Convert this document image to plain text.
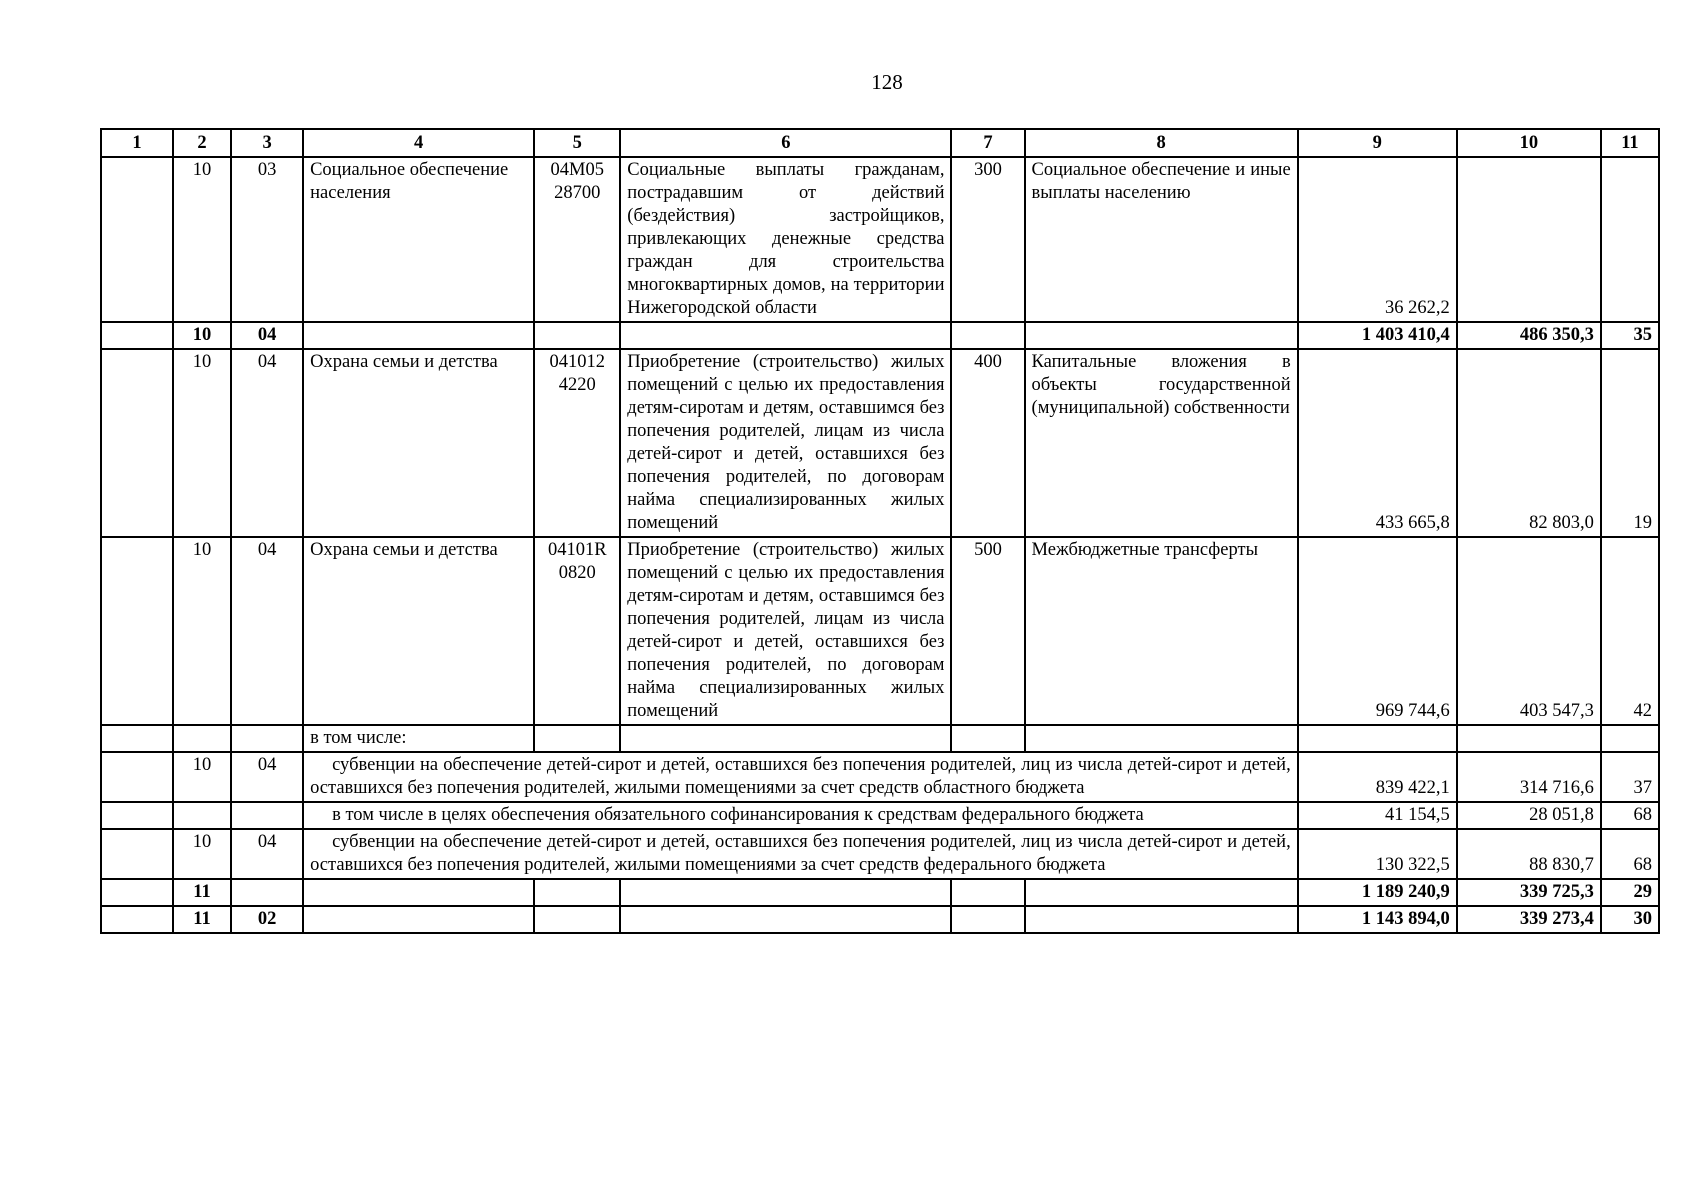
128
1	2	3	4	5	6	7	8	9	10	11
	10	03	Социальное обеспечение населения	04М05 28700	Социальные выплаты гражданам, пострадавшим от действий (бездействия) застройщиков, привлекающих денежные средства граждан для строительства многоквартирных домов, на территории Нижегородской области	300	Социальное обеспечение и иные выплаты населению	36 262,2		
	10	04						1 403 410,4	486 350,3	35
	10	04	Охрана семьи и детства	041012 4220	Приобретение (строительство) жилых помещений с целью их предоставления детям-сиротам и детям, оставшимся без попечения родителей, лицам из числа детей-сирот и детей, оставшихся без попечения родителей, по договорам найма специализированных жилых помещений	400	Капитальные вложения в объекты государственной (муниципальной) собственности	433 665,8	82 803,0	19
	10	04	Охрана семьи и детства	04101R 0820	Приобретение (строительство) жилых помещений с целью их предоставления детям-сиротам и детям, оставшимся без попечения родителей, лицам из числа детей-сирот и детей, оставшихся без попечения родителей, по договорам найма специализированных жилых помещений	500	Межбюджетные трансферты	969 744,6	403 547,3	42
			в том числе:							
	10	04	субвенции на обеспечение детей-сирот и детей, оставшихся без попечения родителей, лиц из числа детей-сирот и детей, оставшихся без попечения родителей, жилыми помещениями за счет средств областного бюджета					839 422,1	314 716,6	37
			в том числе в целях обеспечения обязательного софинансирования к средствам федерального бюджета					41 154,5	28 051,8	68
	10	04	субвенции на обеспечение детей-сирот и детей, оставшихся без попечения родителей, лиц из числа детей-сирот и детей, оставшихся без попечения родителей, жилыми помещениями за счет средств федерального бюджета					130 322,5	88 830,7	68
	11							1 189 240,9	339 725,3	29
	11	02						1 143 894,0	339 273,4	30
